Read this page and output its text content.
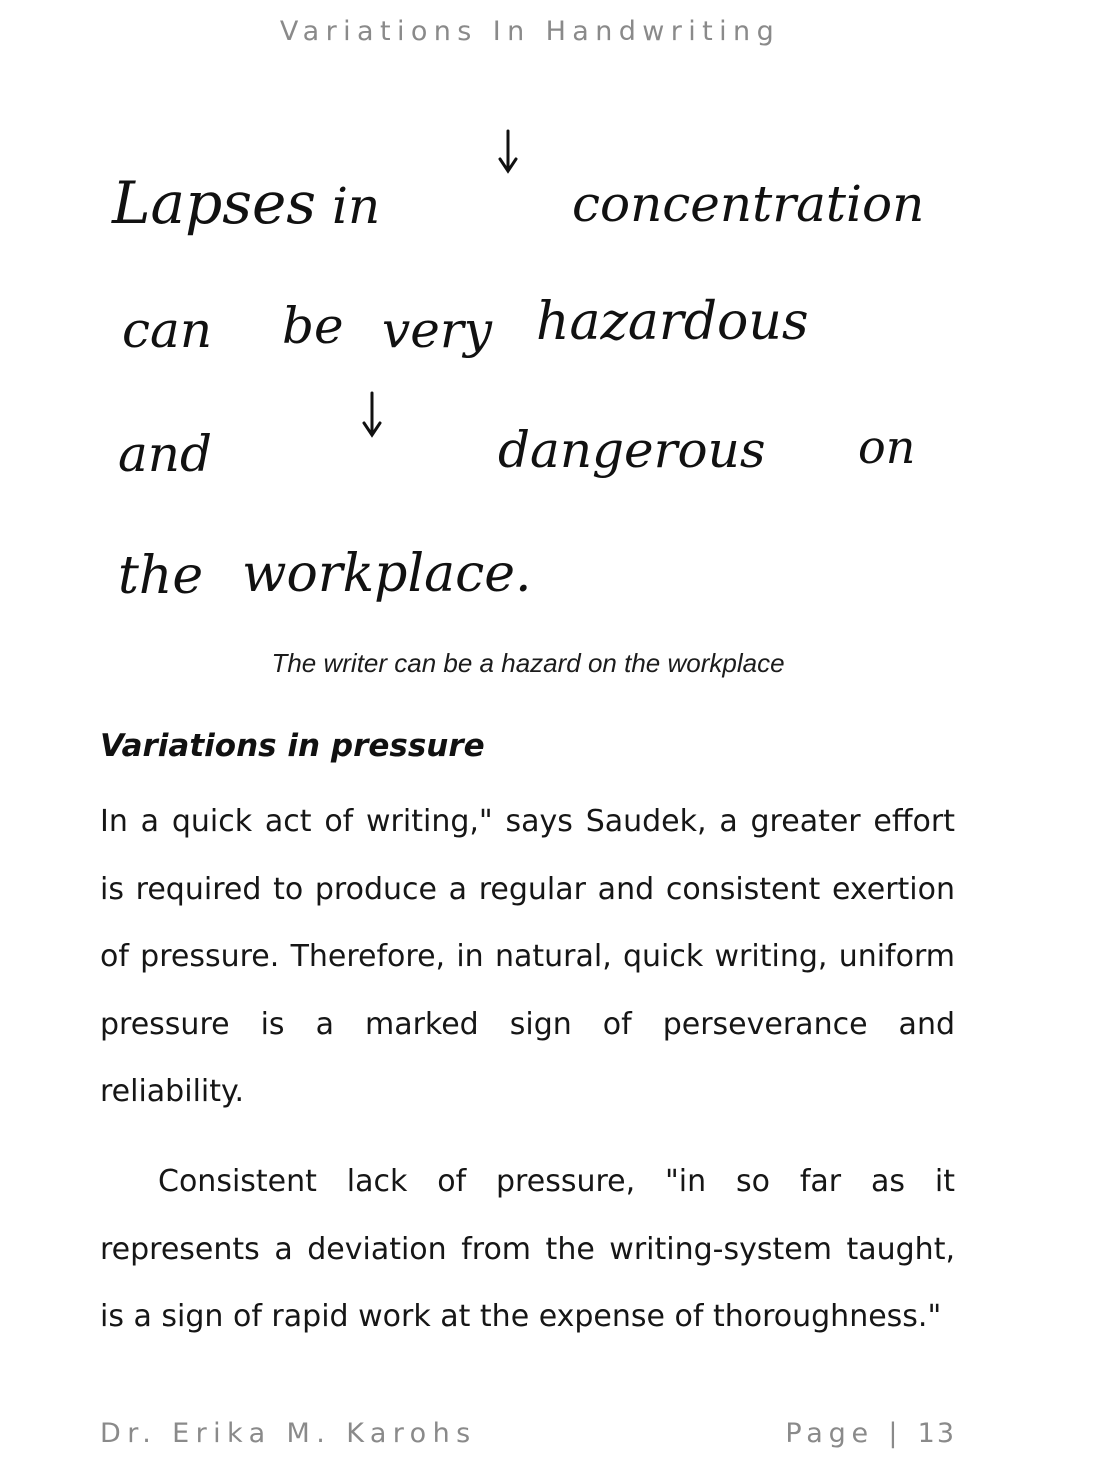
Variations In Handwriting
Lapses in	concentration
can be very hazardous
and	dangerous on
the workplace.
The writer can be a hazard on the workplace
Variations in pressure

In a quick act of writing," says Saudek, a greater effort is required to produce a regular and consistent exertion of pressure. Therefore, in natural, quick writing, uniform pressure is a marked sign of perseverance and reliability.

Consistent lack of pressure, "in so far as it represents a deviation from the writing-system taught, is a sign of rapid work at the expense of thoroughness."

Dr. Erika M. Karohs	Page | 13
